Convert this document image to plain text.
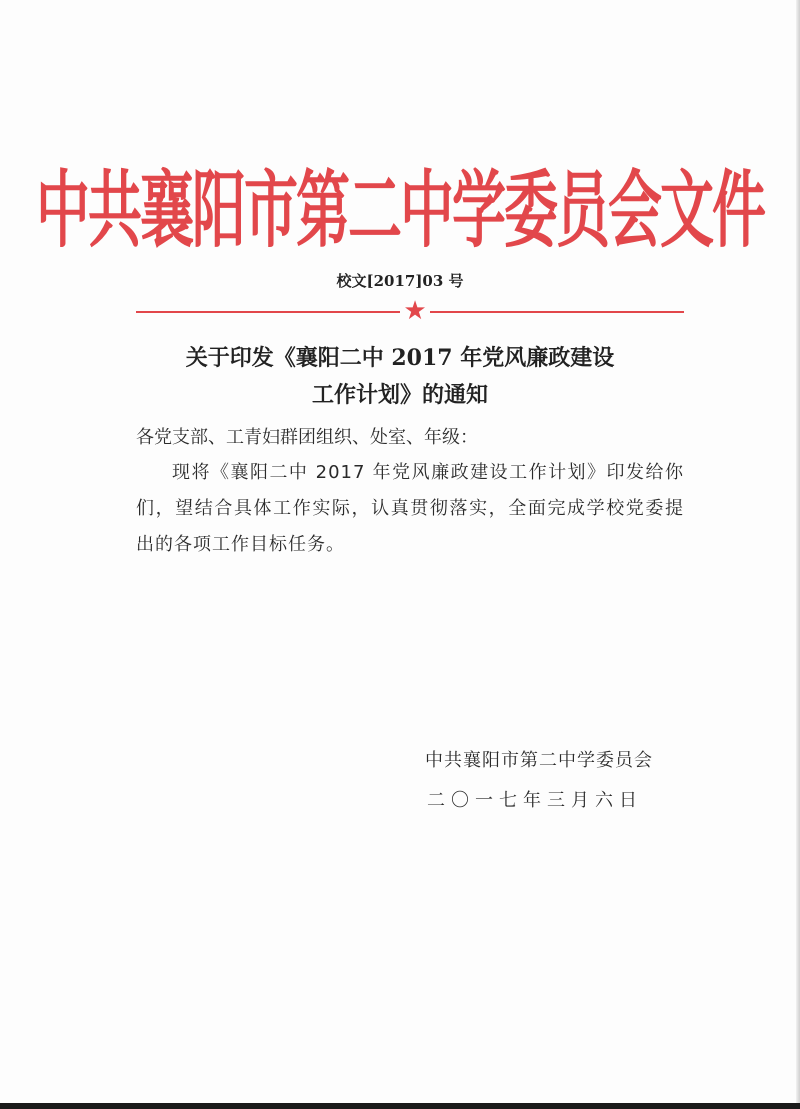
中共襄阳市第二中学委员会文件
校文[2017]03 号
★
关于印发《襄阳二中 2017 年党风廉政建设
工作计划》的通知
各党支部、工青妇群团组织、处室、年级：
现将《襄阳二中 2017 年党风廉政建设工作计划》印发给你们，望结合具体工作实际，认真贯彻落实，全面完成学校党委提出的各项工作目标任务。
中共襄阳市第二中学委员会
二〇一七年三月六日
